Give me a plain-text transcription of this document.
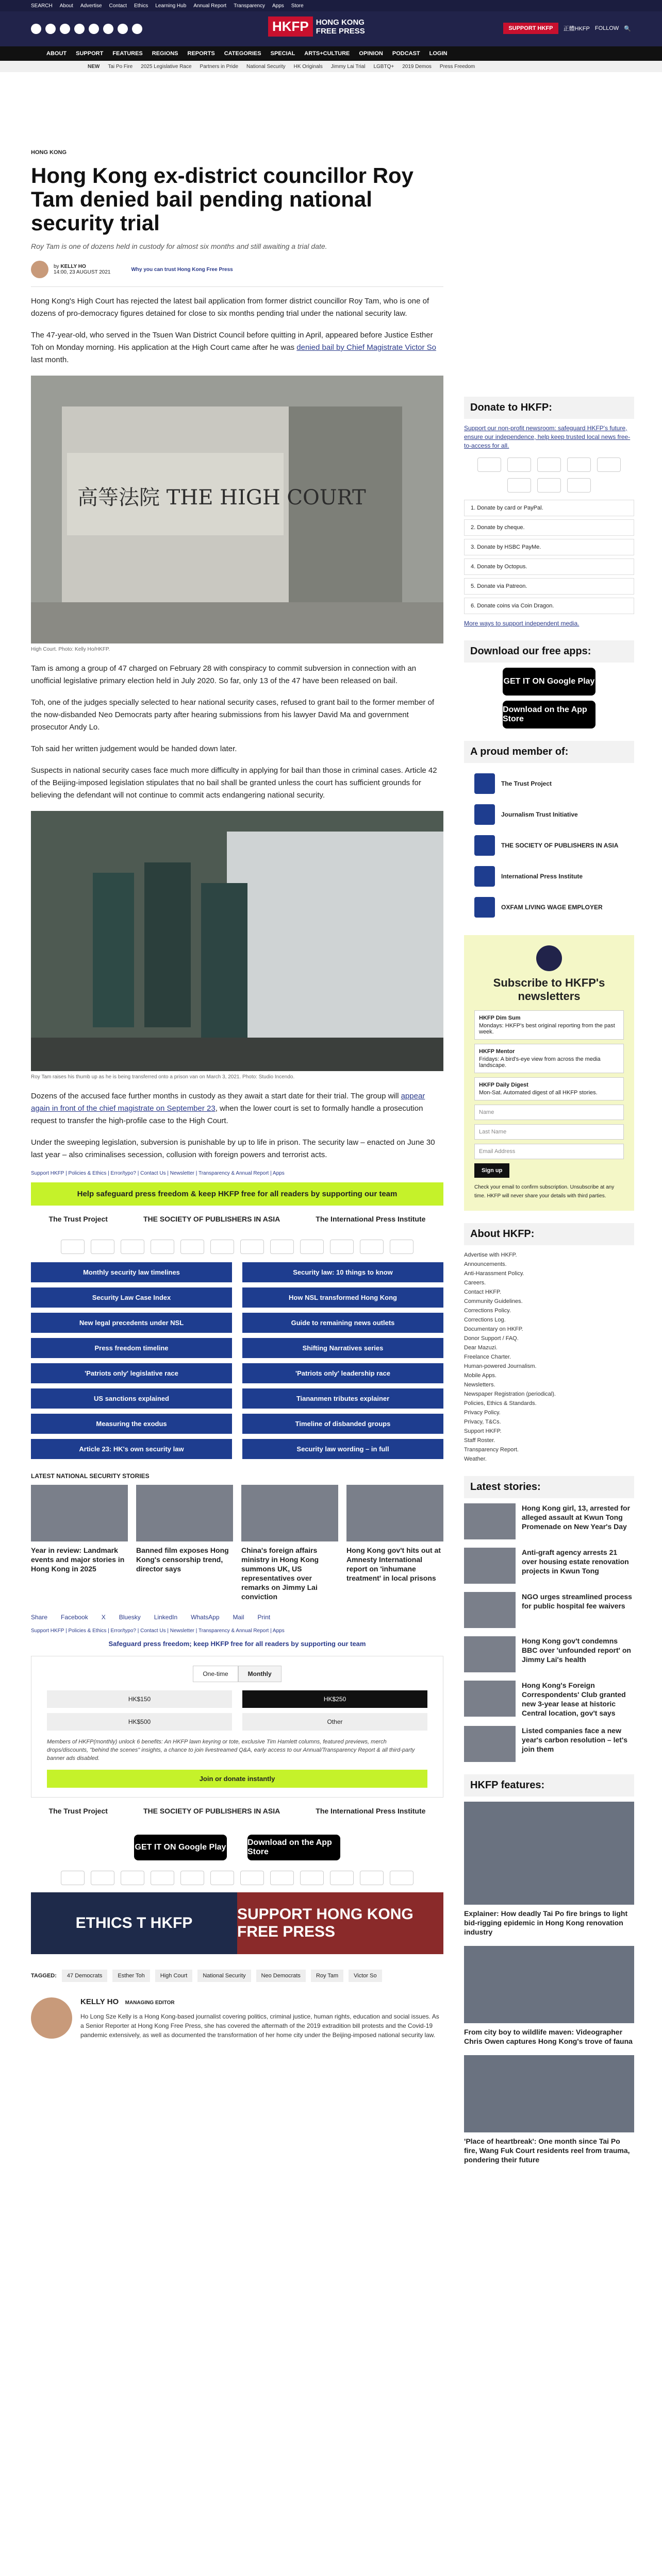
SEARCH About Advertise Contact Ethics Learning Hub Annual Report Transparency Apps Store
HKFP HONG KONG
FREE PRESS	SUPPORT HKFP	正體HKFP FOLLOW 🔍
ABOUT SUPPORT FEATURES REGIONS REPORTS CATEGORIES SPECIAL ARTS+CULTURE OPINION PODCAST LOGIN
NEW Tai Po Fire 2025 Legislative Race Partners in Pride National Security HK Originals Jimmy Lai Trial LGBTQ+ 2019 Demos Press Freedom
HONG KONG
Hong Kong ex-district councillor Roy Tam denied bail pending national security trial
Roy Tam is one of dozens held in custody for almost six months and still awaiting a trial date.
by KELLY HO
14:00, 23 AUGUST 2021	Why you can trust Hong Kong Free Press

Hong Kong's High Court has rejected the latest bail application from former district councillor Roy Tam, who is one of dozens of pro-democracy figures detained for close to six months pending trial under the national security law.

The 47-year-old, who served in the Tsuen Wan District Council before quitting in April, appeared before Justice Esther Toh on Monday morning. His application at the High Court came after he was denied bail by Chief Magistrate Victor So last month.

高等法院 THE HIGH COURT
High Court. Photo: Kelly Ho/HKFP.

Tam is among a group of 47 charged on February 28 with conspiracy to commit subversion in connection with an unofficial legislative primary election held in July 2020. So far, only 13 of the 47 have been released on bail.

Toh, one of the judges specially selected to hear national security cases, refused to grant bail to the former member of the now-disbanded Neo Democrats party after hearing submissions from his lawyer David Ma and government prosecutor Andy Lo.

Toh said her written judgement would be handed down later.

Suspects in national security cases face much more difficulty in applying for bail than those in criminal cases. Article 42 of the Beijing-imposed legislation stipulates that no bail shall be granted unless the court has sufficient grounds for believing the defendant will not continue to commit acts endangering national security.

Roy Tam raises his thumb up as he is being transferred onto a prison van on March 3, 2021. Photo: Studio Incendo.

Dozens of the accused face further months in custody as they await a start date for their trial. The group will appear again in front of the chief magistrate on September 23, when the lower court is set to formally handle a prosecution request to transfer the high-profile case to the High Court.

Under the sweeping legislation, subversion is punishable by up to life in prison. The security law – enacted on June 30 last year – also criminalises secession, collusion with foreign powers and terrorist acts.

Support HKFP | Policies & Ethics | Error/typo? | Contact Us | Newsletter | Transparency & Annual Report | Apps
Help safeguard press freedom & keep HKFP free for all readers by supporting our team
The Trust Project	THE SOCIETY OF PUBLISHERS IN ASIA	The International Press Institute
Monthly security law timelines	Security law: 10 things to know
Security Law Case Index	How NSL transformed Hong Kong
New legal precedents under NSL	Guide to remaining news outlets
Press freedom timeline	Shifting Narratives series
'Patriots only' legislative race	'Patriots only' leadership race
US sanctions explained	Tiananmen tributes explainer
Measuring the exodus	Timeline of disbanded groups
Article 23: HK's own security law	Security law wording – in full
LATEST NATIONAL SECURITY STORIES
Year in review: Landmark events and major stories in Hong Kong in 2025
Banned film exposes Hong Kong's censorship trend, director says
China's foreign affairs ministry in Hong Kong summons UK, US representatives over remarks on Jimmy Lai conviction
Hong Kong gov't hits out at Amnesty International report on 'inhumane treatment' in local prisons
Share Facebook X Bluesky LinkedIn WhatsApp Mail Print
Support HKFP | Policies & Ethics | Error/typo? | Contact Us | Newsletter | Transparency & Annual Report | Apps
Safeguard press freedom; keep HKFP free for all readers by supporting our team
One-time	Monthly
HK$150	HK$250
HK$500	Other
Members of HKFP(monthly) unlock 6 benefits: An HKFP lawn keyring or tote, exclusive Tim Hamlett columns, featured previews, merch drops/discounts, "behind the scenes" insights, a chance to join livestreamed Q&A, early access to our Annual/Transparency Report & all third-party banner ads disabled.
Join or donate instantly
The Trust Project	THE SOCIETY OF PUBLISHERS IN ASIA	The International Press Institute
GET IT ON Google Play
Download on the App Store
ETHICS T HKFP
SUPPORT HONG KONG FREE PRESS
TAGGED:	47 Democrats	Esther Toh	High Court	National Security	Neo Democrats	Roy Tam	Victor So
KELLY HO MANAGING EDITOR
Ho Long Sze Kelly is a Hong Kong-based journalist covering politics, criminal justice, human rights, education and social issues. As a Senior Reporter at Hong Kong Free Press, she has covered the aftermath of the 2019 extradition bill protests and the Covid-19 pandemic extensively, as well as documented the transformation of her home city under the Beijing-imposed national security law.
Donate to HKFP:

Support our non-profit newsroom: safeguard HKFP's future, ensure our independence, help keep trusted local news free-to-access for all.

1. Donate by card or PayPal.
2. Donate by cheque.
3. Donate by HSBC PayMe.
4. Donate by Octopus.
5. Donate via Patreon.
6. Donate coins via Coin Dragon.

More ways to support independent media.

Download our free apps:
GET IT ON Google Play
Download on the App Store
A proud member of:
The Trust Project
Journalism Trust Initiative
THE SOCIETY OF PUBLISHERS IN ASIA
International Press Institute
OXFAM LIVING WAGE EMPLOYER
Subscribe to HKFP's newsletters
HKFP Dim Sum
Mondays: HKFP's best original reporting from the past week.
HKFP Mentor
Fridays: A bird's-eye view from across the media landscape.
HKFP Daily Digest
Mon-Sat. Automated digest of all HKFP stories.
Name
Last Name
Email Address
Sign up

Check your email to confirm subscription. Unsubscribe at any time. HKFP will never share your details with third parties.

About HKFP:
Advertise with HKFP.
Announcements.
Anti-Harassment Policy.
Careers.
Contact HKFP.
Community Guidelines.
Corrections Policy.
Corrections Log.
Documentary on HKFP.
Donor Support / FAQ.
Dear Mazuzi.
Freelance Charter.
Human-powered Journalism.
Mobile Apps.
Newsletters.
Newspaper Registration (periodical).
Policies, Ethics & Standards.
Privacy Policy.
Privacy, T&Cs.
Support HKFP.
Staff Roster.
Transparency Report.
Weather.
Latest stories:
Hong Kong girl, 13, arrested for alleged assault at Kwun Tong Promenade on New Year's Day
Anti-graft agency arrests 21 over housing estate renovation projects in Kwun Tong
NGO urges streamlined process for public hospital fee waivers
Hong Kong gov't condemns BBC over 'unfounded report' on Jimmy Lai's health
Hong Kong's Foreign Correspondents' Club granted new 3-year lease at historic Central location, gov't says
Listed companies face a new year's carbon resolution – let's join them
HKFP features:
Explainer: How deadly Tai Po fire brings to light bid-rigging epidemic in Hong Kong renovation industry
From city boy to wildlife maven: Videographer Chris Owen captures Hong Kong's trove of fauna
'Place of heartbreak': One month since Tai Po fire, Wang Fuk Court residents reel from trauma, pondering their future
